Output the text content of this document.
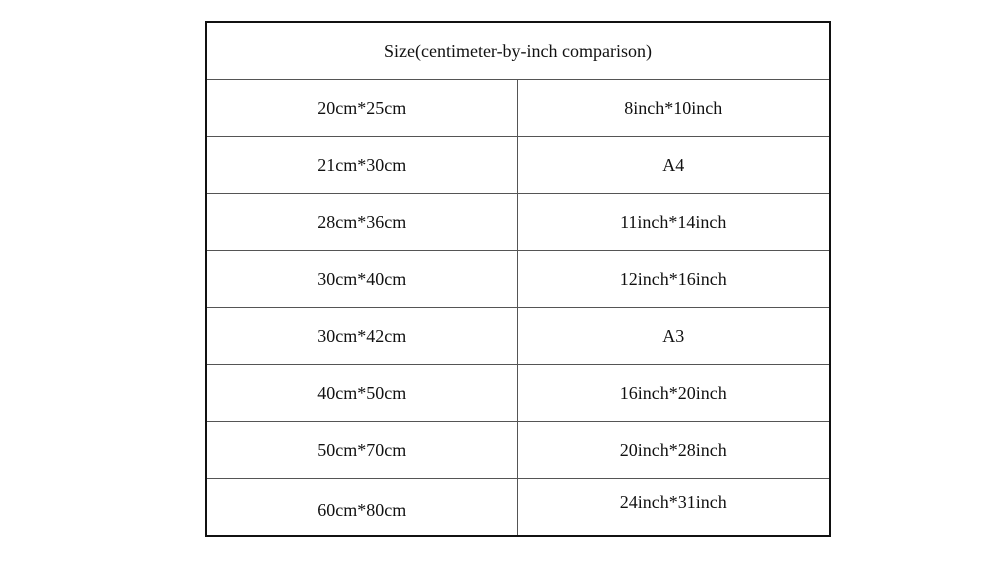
Size(centimeter-by-inch comparison)	
20cm*25cm	8inch*10inch
21cm*30cm	A4
28cm*36cm	11inch*14inch
30cm*40cm	12inch*16inch
30cm*42cm	A3
40cm*50cm	16inch*20inch
50cm*70cm	20inch*28inch
60cm*80cm	24inch*31inch
